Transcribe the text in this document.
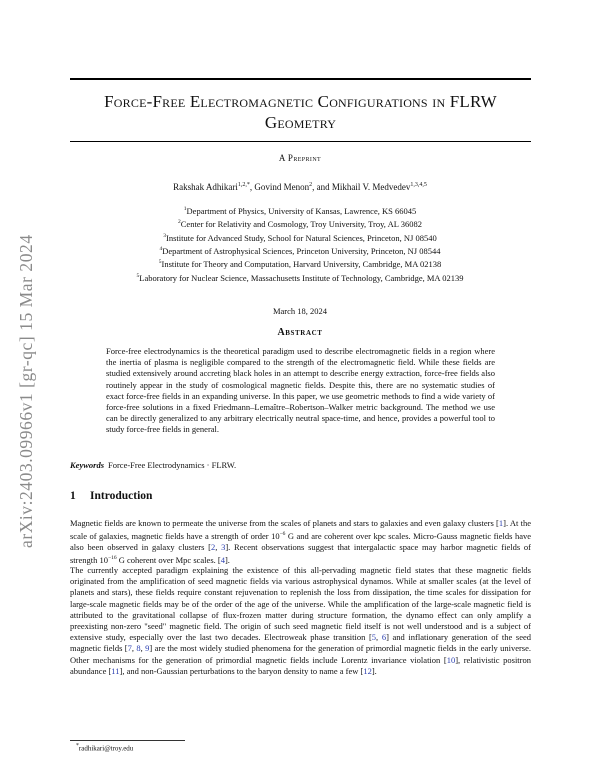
arXiv:2403.09966v1 [gr-qc] 15 Mar 2024
Force-Free Electromagnetic Configurations in FLRW
Geometry
A Preprint
Rakshak Adhikari$^{1,2,*}$, Govind Menon$^2$, and Mikhail V. Medvedev$^{1,3,4,5}$
$^1$Department of Physics, University of Kansas, Lawrence, KS 66045
$^2$Center for Relativity and Cosmology, Troy University, Troy, AL 36082
$^3$Institute for Advanced Study, School for Natural Sciences, Princeton, NJ 08540
$^4$Department of Astrophysical Sciences, Princeton University, Princeton, NJ 08544
$^5$Institute for Theory and Computation, Harvard University, Cambridge, MA 02138
$^5$Laboratory for Nuclear Science, Massachusetts Institute of Technology, Cambridge, MA 02139
March 18, 2024
Abstract
Force-free electrodynamics is the theoretical paradigm used to describe electromagnetic fields in a region where the inertia of plasma is negligible compared to the strength of the electromagnetic field. While these fields are studied extensively around accreting black holes in an attempt to describe energy extraction, force-free fields also routinely appear in the study of cosmological magnetic fields. Despite this, there are no systematic studies of exact force-free fields in an expanding universe. In this paper, we use geometric methods to find a wide variety of force-free solutions in a fixed Friedmann–Lemaître–Robertson–Walker metric background. The method we use can be directly generalized to any arbitrary electrically neutral space-time, and hence, provides a powerful tool to study force-free fields in general.
Keywords Force-Free Electrodynamics · FLRW.
1 Introduction
Magnetic fields are known to permeate the universe from the scales of planets and stars to galaxies and even galaxy clusters [1]. At the scale of galaxies, magnetic fields have a strength of order $10^{-6}$ G and are coherent over kpc scales. Micro-Gauss magnetic fields have also been observed in galaxy clusters [2, 3]. Recent observations suggest that intergalactic space may harbor magnetic fields of strength $10^{-16}$ G coherent over Mpc scales. [4].
The currently accepted paradigm explaining the existence of this all-pervading magnetic field states that these magnetic fields originated from the amplification of seed magnetic fields via various astrophysical dynamos. While at smaller scales (at the level of planets and stars), these fields require constant rejuvenation to replenish the loss from dissipation, the time scales for dissipation for large-scale magnetic fields may be of the order of the age of the universe. While the amplification of the large-scale magnetic field is attributed to the gravitational collapse of flux-frozen matter during structure formation, the dynamo effect can only amplify a preexisting non-zero "seed" magnetic field. The origin of such seed magnetic field itself is not well understood and is a subject of extensive study, especially over the last two decades. Electroweak phase transition [5, 6] and inflationary generation of the seed magnetic fields [7, 8, 9] are the most widely studied phenomena for the generation of primordial magnetic fields in the early universe. Other mechanisms for the generation of primordial magnetic fields include Lorentz invariance violation [10], relativistic positron abundance [11], and non-Gaussian perturbations to the baryon density to name a few [12].
*radhikari@troy.edu
